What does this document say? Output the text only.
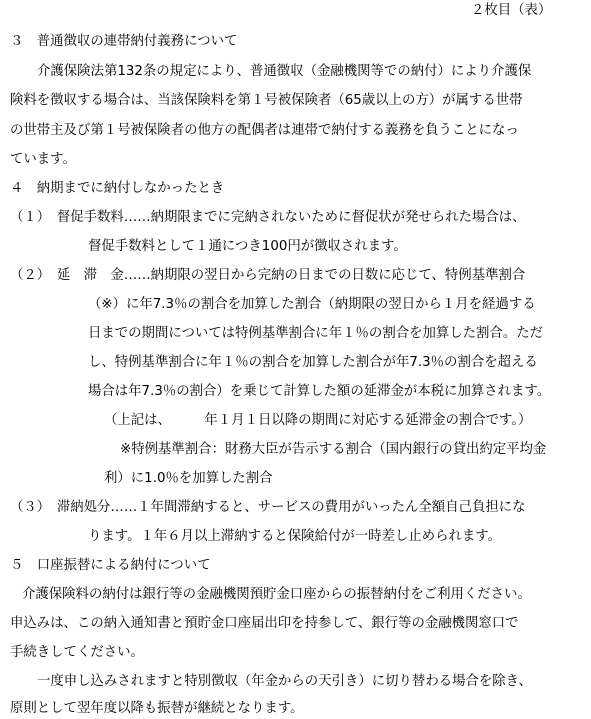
２枚目（表）
３　普通徴収の連帯納付義務について
介護保険法第132条の規定により、普通徴収（金融機関等での納付）により介護保
険料を徴収する場合は、当該保険料を第１号被保険者（65歳以上の方）が属する世帯
の世帯主及び第１号被保険者の他方の配偶者は連帯で納付する義務を負うことになっ
ています。
４　納期までに納付しなかったとき
（１）　督促手数料……納期限までに完納されないために督促状が発せられた場合は、
督促手数料として１通につき100円が徴収されます。
（２）　延　滞　金……納期限の翌日から完納の日までの日数に応じて、特例基準割合
（※）に年7.3％の割合を加算した割合（納期限の翌日から１月を経過する
日までの期間については特例基準割合に年１％の割合を加算した割合。ただ
し、特例基準割合に年１％の割合を加算した割合が年7.3％の割合を超える
場合は年7.3％の割合）を乗じて計算した額の延滞金が本税に加算されます。
（上記は、　　　年１月１日以降の期間に対応する延滞金の割合です。）
※特例基準割合：財務大臣が告示する割合（国内銀行の貸出約定平均金
利）に1.0％を加算した割合
（３）　滞納処分……１年間滞納すると、サービスの費用がいったん全額自己負担にな
ります。１年６月以上滞納すると保険給付が一時差し止められます。
５　口座振替による納付について
介護保険料の納付は銀行等の金融機関預貯金口座からの振替納付をご利用ください。
申込みは、この納入通知書と預貯金口座届出印を持参して、銀行等の金融機関窓口で
手続きしてください。
一度申し込みされますと特別徴収（年金からの天引き）に切り替わる場合を除き、
原則として翌年度以降も振替が継続となります。
